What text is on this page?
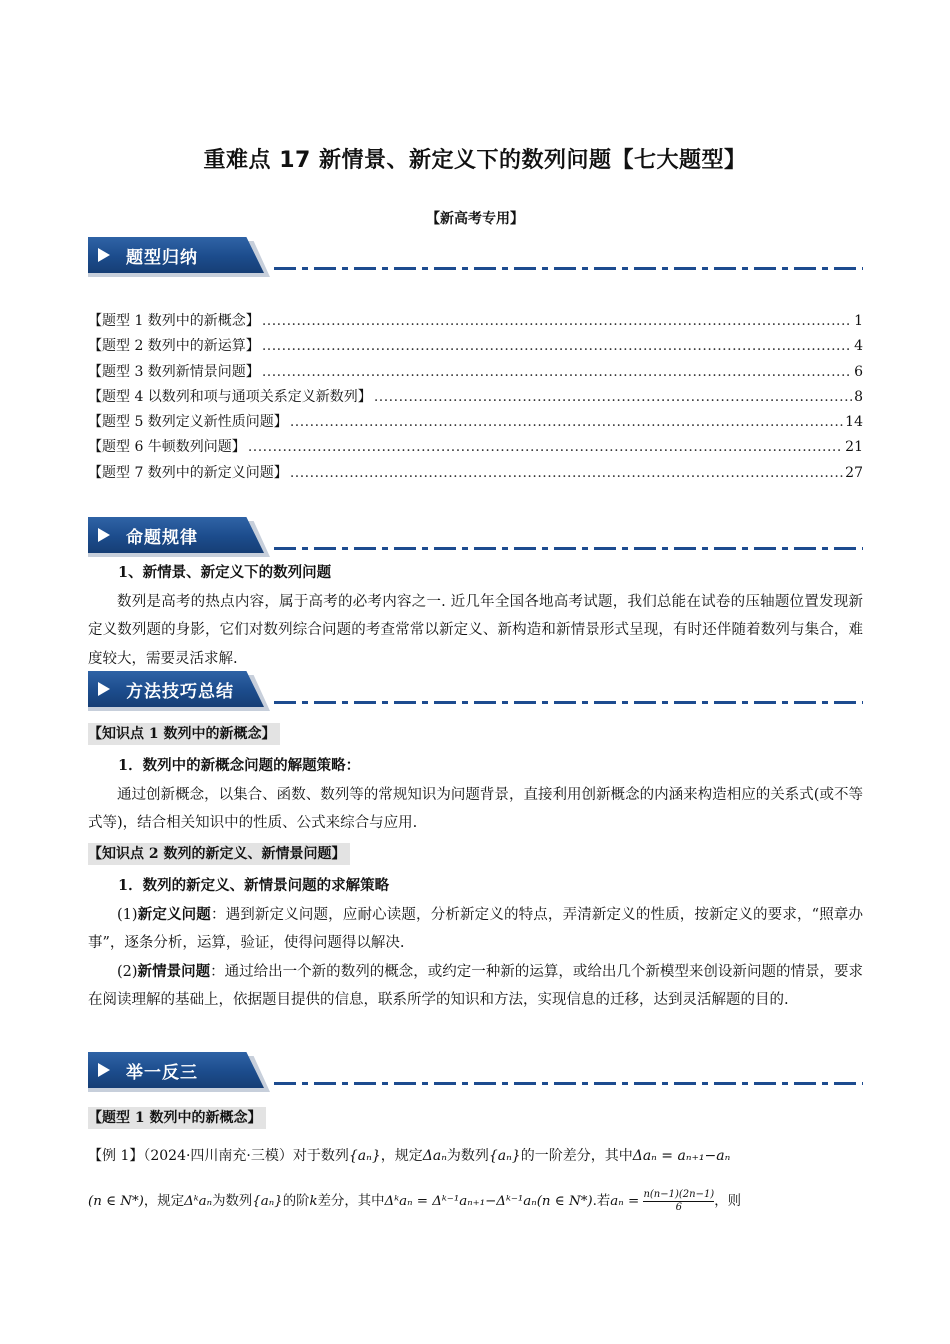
重难点 17 新情景、新定义下的数列问题【七大题型】
【新高考专用】
题型归纳
【题型 1 数列中的新概念】 .....	1
【题型 2 数列中的新运算】 .....	4
【题型 3 数列新情景问题】 .....	6
【题型 4 以数列和项与通项关系定义新数列】 .....	8
【题型 5 数列定义新性质问题】 .....	14
【题型 6 牛顿数列问题】 .....	21
【题型 7 数列中的新定义问题】 .....	27
命题规律
1、新情景、新定义下的数列问题
数列是高考的热点内容，属于高考的必考内容之一. 近几年全国各地高考试题，我们总能在试卷的压轴题位置发现新定义数列题的身影，它们对数列综合问题的考查常常以新定义、新构造和新情景形式呈现，有时还伴随着数列与集合，难度较大，需要灵活求解.
方法技巧总结
【知识点 1 数列中的新概念】
1．数列中的新概念问题的解题策略：
通过创新概念，以集合、函数、数列等的常规知识为问题背景，直接利用创新概念的内涵来构造相应的关系式(或不等式等)，结合相关知识中的性质、公式来综合与应用.
【知识点 2 数列的新定义、新情景问题】
1．数列的新定义、新情景问题的求解策略
(1)新定义问题：遇到新定义问题，应耐心读题，分析新定义的特点，弄清新定义的性质，按新定义的要求，“照章办事”，逐条分析，运算，验证，使得问题得以解决.
(2)新情景问题：通过给出一个新的数列的概念，或约定一种新的运算，或给出几个新模型来创设新问题的情景，要求在阅读理解的基础上，依据题目提供的信息，联系所学的知识和方法，实现信息的迁移，达到灵活解题的目的.
举一反三
【题型 1 数列中的新概念】
【例 1】（2024·四川南充·三模）对于数列{aₙ}，规定Δaₙ为数列{aₙ}的一阶差分，其中Δaₙ = aₙ₊₁−aₙ
(n ∈ N*)，规定Δᵏaₙ为数列{aₙ}的阶k差分，其中Δᵏaₙ = Δᵏ⁻¹aₙ₊₁−Δᵏ⁻¹aₙ(n ∈ N*).若$a_n = \frac{n(n-1)(2n-1)}{6}$ ，则
